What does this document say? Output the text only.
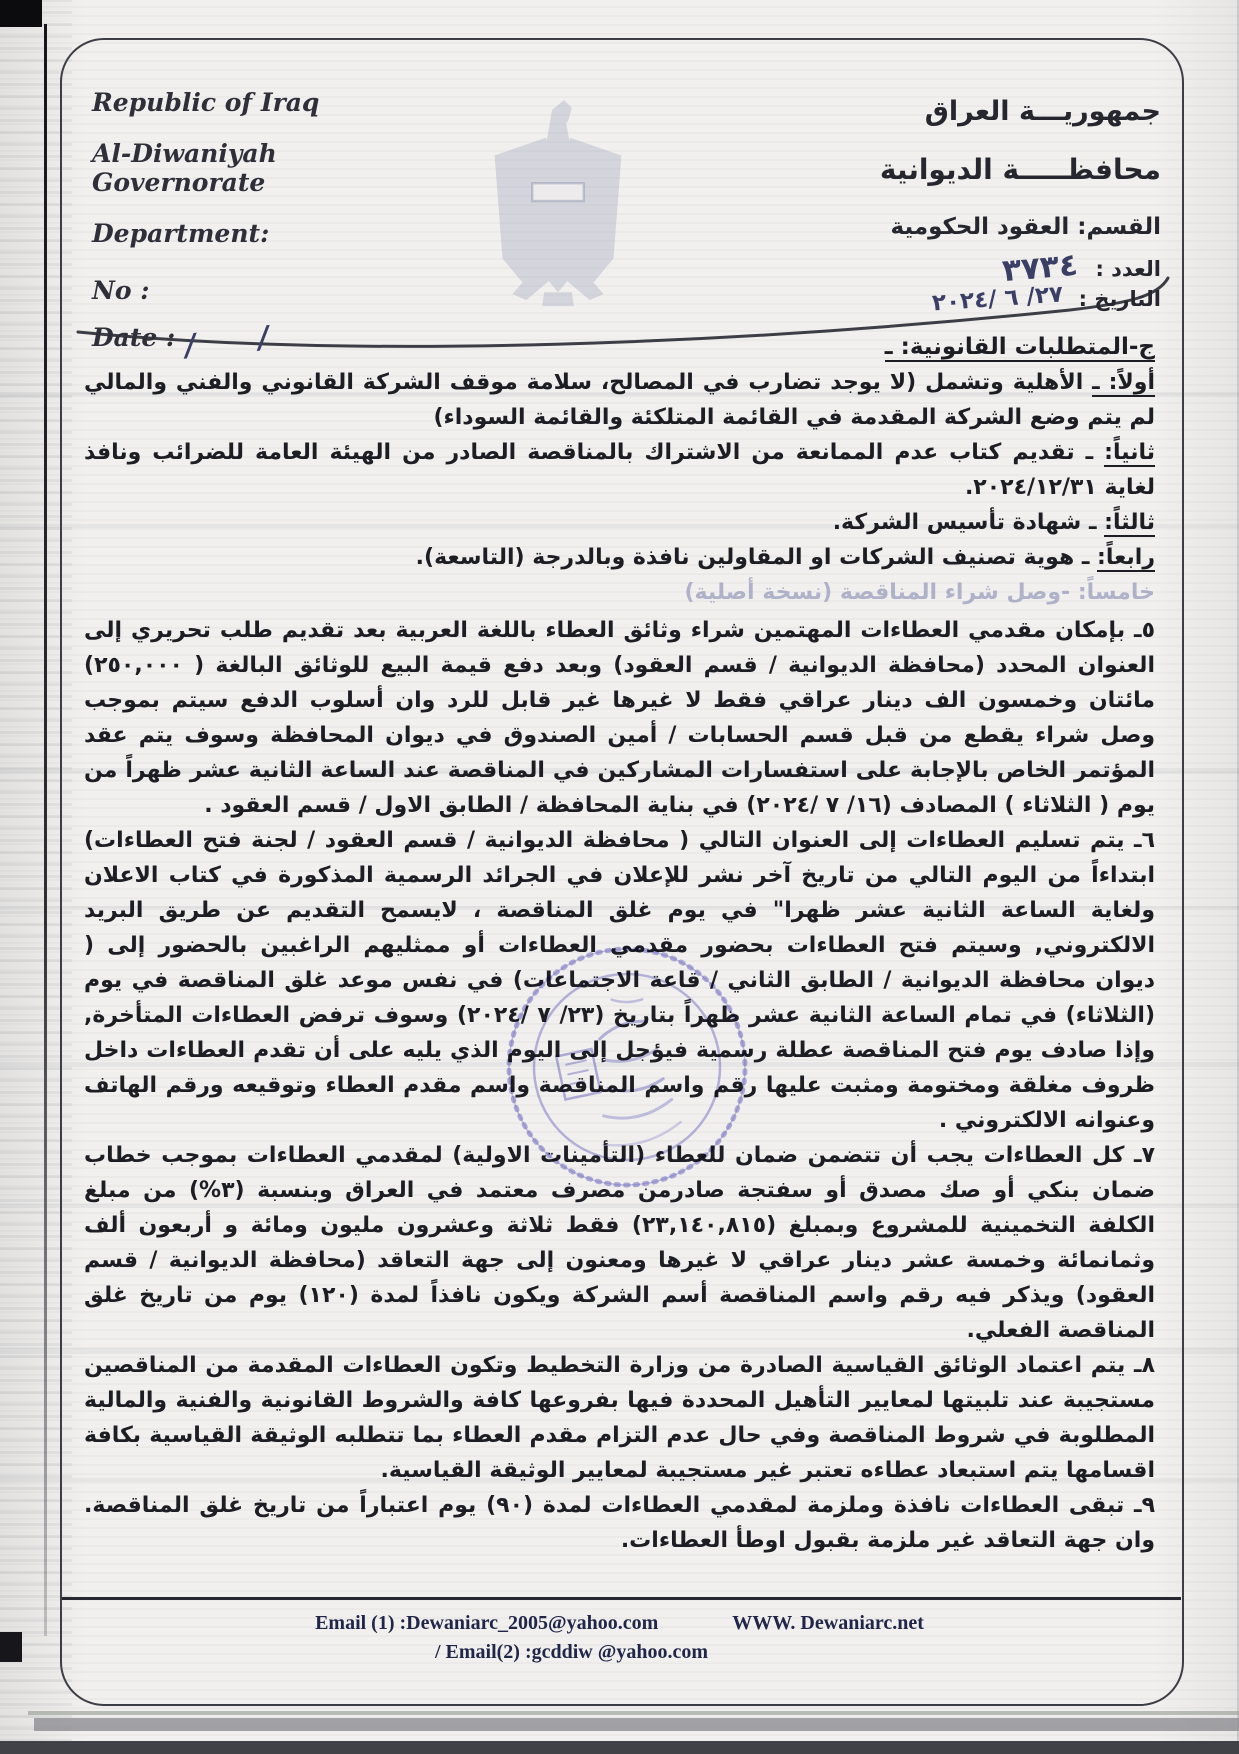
Republic of Iraq
Al-Diwaniyah Governorate
Department:
No :
Date : / /
جمهوريـــة العراق
محافظـــــة الديوانية
القسم: العقود الحكومية
العدد : ٣٧٣٤
التاريخ : ٢٧/ ٦ /٢٠٢٤
ج-المتطلبات القانونية: ـ
أولاً: ـ الأهلية وتشمل (لا يوجد تضارب في المصالح، سلامة موقف الشركة القانوني والفني والمالي لم يتم وضع الشركة المقدمة في القائمة المتلكئة والقائمة السوداء)
ثانياً: ـ تقديم كتاب عدم الممانعة من الاشتراك بالمناقصة الصادر من الهيئة العامة للضرائب ونافذ لغاية ٢٠٢٤/١٢/٣١.
ثالثاً: ـ شهادة تأسيس الشركة.
رابعاً: ـ هوية تصنيف الشركات او المقاولين نافذة وبالدرجة (التاسعة).
خامساً: -وصل شراء المناقصة (نسخة أصلية)
٥ـ بإمكان مقدمي العطاءات المهتمين شراء وثائق العطاء باللغة العربية بعد تقديم طلب تحريري إلى العنوان المحدد (محافظة الديوانية / قسم العقود) وبعد دفع قيمة البيع للوثائق البالغة ( ٢٥٠,٠٠٠) مائتان وخمسون الف دينار عراقي فقط لا غيرها غير قابل للرد وان أسلوب الدفع سيتم بموجب وصل شراء يقطع من قبل قسم الحسابات / أمين الصندوق في ديوان المحافظة وسوف يتم عقد المؤتمر الخاص بالإجابة على استفسارات المشاركين في المناقصة عند الساعة الثانية عشر ظهراً من يوم ( الثلاثاء ) المصادف (١٦/ ٧ /٢٠٢٤) في بناية المحافظة / الطابق الاول / قسم العقود .
٦ـ يتم تسليم العطاءات إلى العنوان التالي ( محافظة الديوانية / قسم العقود / لجنة فتح العطاءات) ابتداءاً من اليوم التالي من تاريخ آخر نشر للإعلان في الجرائد الرسمية المذكورة في كتاب الاعلان ولغاية الساعة الثانية عشر ظهرا" في يوم غلق المناقصة ، لايسمح التقديم عن طريق البريد الالكتروني, وسيتم فتح العطاءات بحضور مقدمي العطاءات أو ممثليهم الراغبين بالحضور إلى ( ديوان محافظة الديوانية / الطابق الثاني / قاعة الاجتماعات) في نفس موعد غلق المناقصة في يوم (الثلاثاء) في تمام الساعة الثانية عشر ظهراً بتاريخ (٢٣/ ٧ /٢٠٢٤) وسوف ترفض العطاءات المتأخرة, وإذا صادف يوم فتح المناقصة عطلة رسمية فيؤجل إلى اليوم الذي يليه على أن تقدم العطاءات داخل ظروف مغلقة ومختومة ومثبت عليها رقم واسم المناقصة واسم مقدم العطاء وتوقيعه ورقم الهاتف وعنوانه الالكتروني .
٧ـ كل العطاءات يجب أن تتضمن ضمان للعطاء (التأمينات الاولية) لمقدمي العطاءات بموجب خطاب ضمان بنكي أو صك مصدق أو سفتجة صادرمن مصرف معتمد في العراق وبنسبة (٣%) من مبلغ الكلفة التخمينية للمشروع وبمبلغ (٢٣,١٤٠,٨١٥) فقط ثلاثة وعشرون مليون ومائة و أربعون ألف وثمانمائة وخمسة عشر دينار عراقي لا غيرها ومعنون إلى جهة التعاقد (محافظة الديوانية / قسم العقود) ويذكر فيه رقم واسم المناقصة أسم الشركة ويكون نافذاً لمدة (١٢٠) يوم من تاريخ غلق المناقصة الفعلي.
٨ـ يتم اعتماد الوثائق القياسية الصادرة من وزارة التخطيط وتكون العطاءات المقدمة من المناقصين مستجيبة عند تلبيتها لمعايير التأهيل المحددة فيها بفروعها كافة والشروط القانونية والفنية والمالية المطلوبة في شروط المناقصة وفي حال عدم التزام مقدم العطاء بما تتطلبه الوثيقة القياسية بكافة اقسامها يتم استبعاد عطاءه تعتبر غير مستجيبة لمعايير الوثيقة القياسية.
٩ـ تبقى العطاءات نافذة وملزمة لمقدمي العطاءات لمدة (٩٠) يوم اعتباراً من تاريخ غلق المناقصة. وان جهة التعاقد غير ملزمة بقبول اوطأ العطاءات.
Email (1) :Dewaniarc_2005@yahoo.com	WWW. Dewaniarc.net
/ Email(2) :gcddiw @yahoo.com
